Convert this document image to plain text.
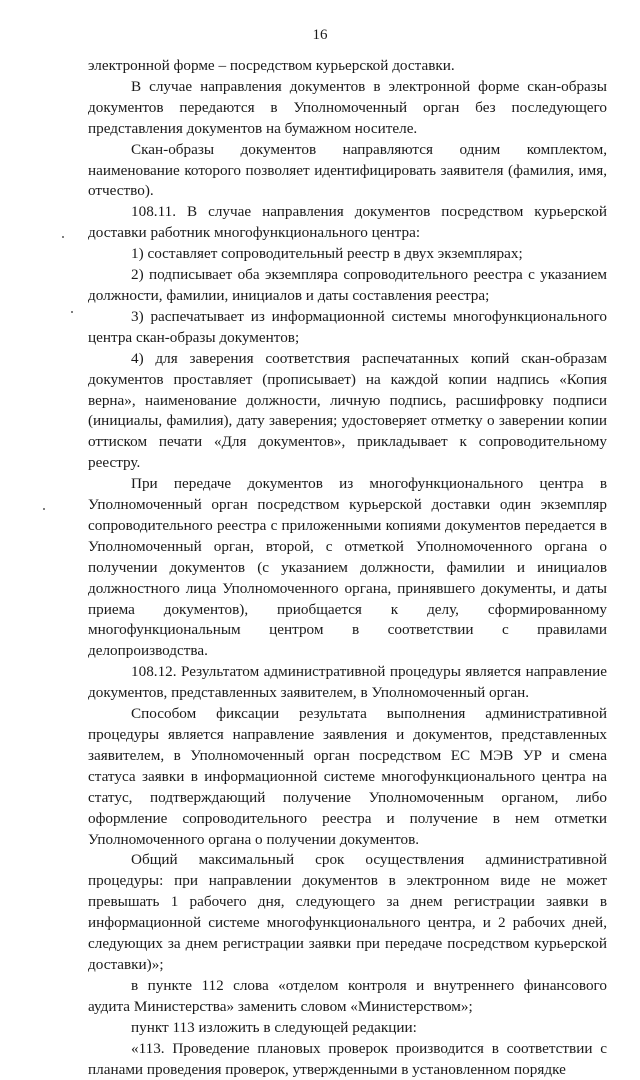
16

электронной форме – посредством курьерской доставки.

В случае направления документов в электронной форме скан-образы документов передаются в Уполномоченный орган без последующего представления документов на бумажном носителе.

Скан-образы документов направляются одним комплектом, наименование которого позволяет идентифицировать заявителя (фамилия, имя, отчество).

108.11. В случае направления документов посредством курьерской доставки работник многофункционального центра:

1) составляет сопроводительный реестр в двух экземплярах;

2) подписывает оба экземпляра сопроводительного реестра с указанием должности, фамилии, инициалов и даты составления реестра;

3) распечатывает из информационной системы многофункционального центра скан-образы документов;

4) для заверения соответствия распечатанных копий скан-образам документов проставляет (прописывает) на каждой копии надпись «Копия верна», наименование должности, личную подпись, расшифровку подписи (инициалы, фамилия), дату заверения; удостоверяет отметку о заверении копии оттиском печати «Для документов», прикладывает к сопроводительному реестру.

При передаче документов из многофункционального центра в Уполномоченный орган посредством курьерской доставки один экземпляр сопроводительного реестра с приложенными копиями документов передается в Уполномоченный орган, второй, с отметкой Уполномоченного органа о получении документов (с указанием должности, фамилии и инициалов должностного лица Уполномоченного органа, принявшего документы, и даты приема документов), приобщается к делу, сформированному многофункциональным центром в соответствии с правилами делопроизводства.

108.12. Результатом административной процедуры является направление документов, представленных заявителем, в Уполномоченный орган.

Способом фиксации результата выполнения административной процедуры является направление заявления и документов, представленных заявителем, в Уполномоченный орган посредством ЕС МЭВ УР и смена статуса заявки в информационной системе многофункционального центра на статус, подтверждающий получение Уполномоченным органом, либо оформление сопроводительного реестра и получение в нем отметки Уполномоченного органа о получении документов.

Общий максимальный срок осуществления административной процедуры: при направлении документов в электронном виде не может превышать 1 рабочего дня, следующего за днем регистрации заявки в информационной системе многофункционального центра, и 2 рабочих дней, следующих за днем регистрации заявки при передаче посредством курьерской доставки)»;

в пункте 112 слова «отделом контроля и внутреннего финансового аудита Министерства» заменить словом «Министерством»;

пункт 113 изложить в следующей редакции:

«113. Проведение плановых проверок производится в соответствии с планами проведения проверок, утвержденными в установленном порядке
